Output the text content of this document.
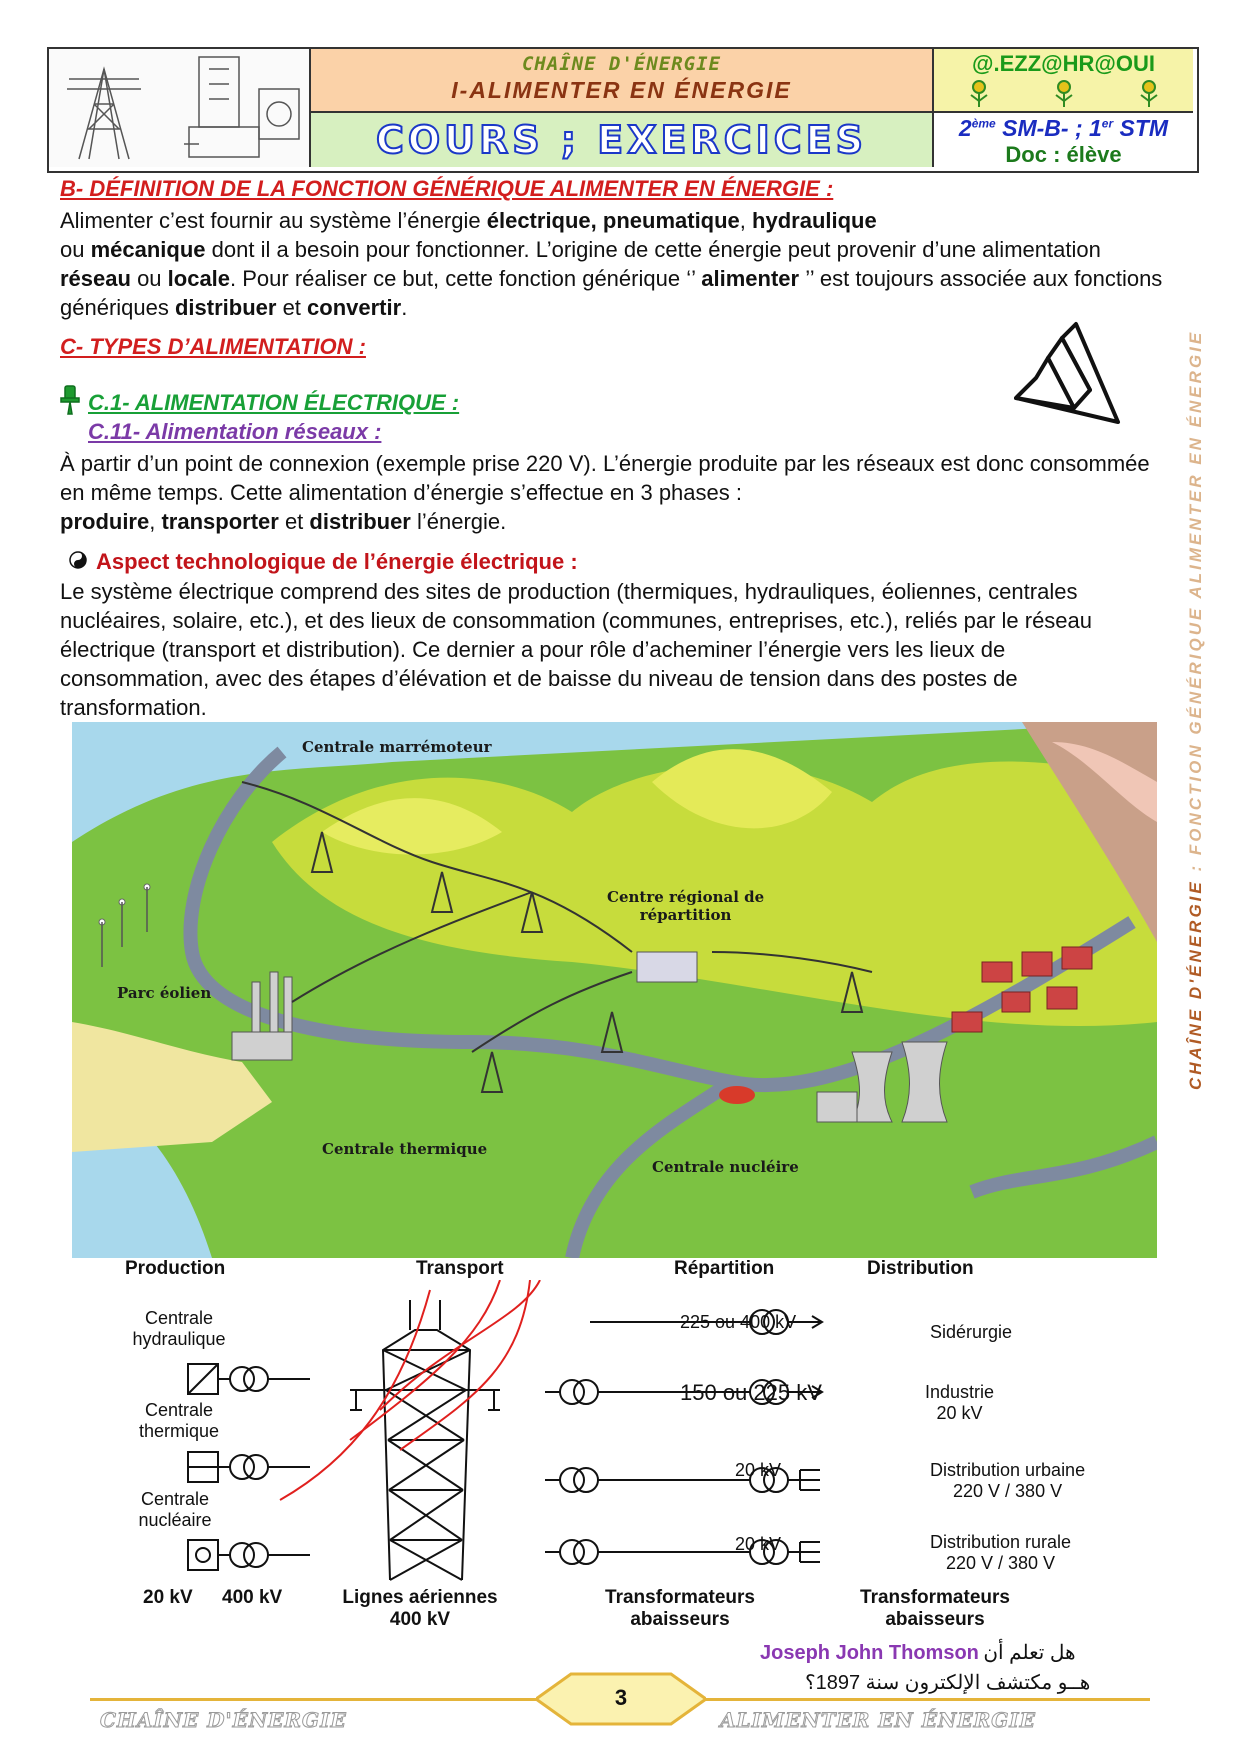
CHAÎNE D'ÉNERGIE
I-ALIMENTER EN ÉNERGIE
COURS ; EXERCICES
@.EZZ@HR@OUI
2ème SM-B- ; 1er STM
Doc : élève
CHAÎNE D'ÉNERGIE : FONCTION GÉNÉRIQUE ALIMENTER EN ÉNERGIE
B- DÉFINITION DE LA FONCTION GÉNÉRIQUE ALIMENTER EN ÉNERGIE :
Alimenter c’est fournir au système l’énergie électrique, pneumatique, hydraulique
ou mécanique dont il a besoin pour fonctionner. L’origine de cette énergie peut provenir d’une alimentation réseau ou locale. Pour réaliser ce but, cette fonction générique ‘’ alimenter ’’ est toujours associée aux fonctions génériques distribuer et convertir.
C- TYPES D’ALIMENTATION :
C.1- ALIMENTATION ÉLECTRIQUE :
C.11- Alimentation réseaux :
À partir d’un point de connexion (exemple prise 220 V). L’énergie produite par les réseaux est donc consommée en même temps. Cette alimentation d’énergie s’effectue en 3 phases :
produire, transporter et distribuer l’énergie.
Aspect technologique de l’énergie électrique :
Le système électrique comprend des sites de production (thermiques, hydrauliques, éoliennes, centrales nucléaires, solaire, etc.), et des lieux de consommation (communes, entreprises, etc.), reliés par le réseau électrique (transport et distribution). Ce dernier a pour rôle d’acheminer l’énergie vers les lieux de consommation, avec des étapes d’élévation et de baisse du niveau de tension dans des postes de transformation.
Centrale marrémoteur
Centre régional de
répartition
Parc éolien
Centrale thermique
Centrale nucléire
Production	Transport	Répartition	Distribution
Centrale
hydraulique
Centrale
thermique
Centrale
nucléaire
20 kV 400 kV	Lignes aériennes
400 kV
225 ou 400 kV
150 ou 225 kV
20 kV
20 kV
Sidérurgie
Industrie
20 kV
Distribution urbaine
220 V / 380 V
Distribution rurale
220 V / 380 V
Transformateurs
abaisseurs
Transformateurs
abaisseurs
Joseph John Thomson هل تعلم أن
هــو مكتشف الإلكترون سنة 1897؟
3
CHAÎNE D'ÉNERGIE	ALIMENTER EN ÉNERGIE
